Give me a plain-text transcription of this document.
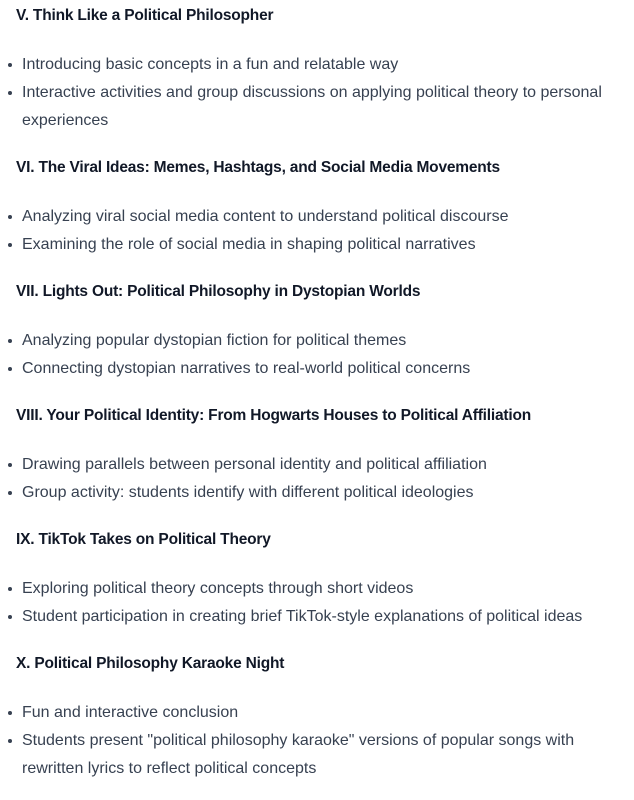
V. Think Like a Political Philosopher
Introducing basic concepts in a fun and relatable way
Interactive activities and group discussions on applying political theory to personal experiences
VI. The Viral Ideas: Memes, Hashtags, and Social Media Movements
Analyzing viral social media content to understand political discourse
Examining the role of social media in shaping political narratives
VII. Lights Out: Political Philosophy in Dystopian Worlds
Analyzing popular dystopian fiction for political themes
Connecting dystopian narratives to real-world political concerns
VIII. Your Political Identity: From Hogwarts Houses to Political Affiliation
Drawing parallels between personal identity and political affiliation
Group activity: students identify with different political ideologies
IX. TikTok Takes on Political Theory
Exploring political theory concepts through short videos
Student participation in creating brief TikTok-style explanations of political ideas
X. Political Philosophy Karaoke Night
Fun and interactive conclusion
Students present "political philosophy karaoke" versions of popular songs with rewritten lyrics to reflect political concepts
